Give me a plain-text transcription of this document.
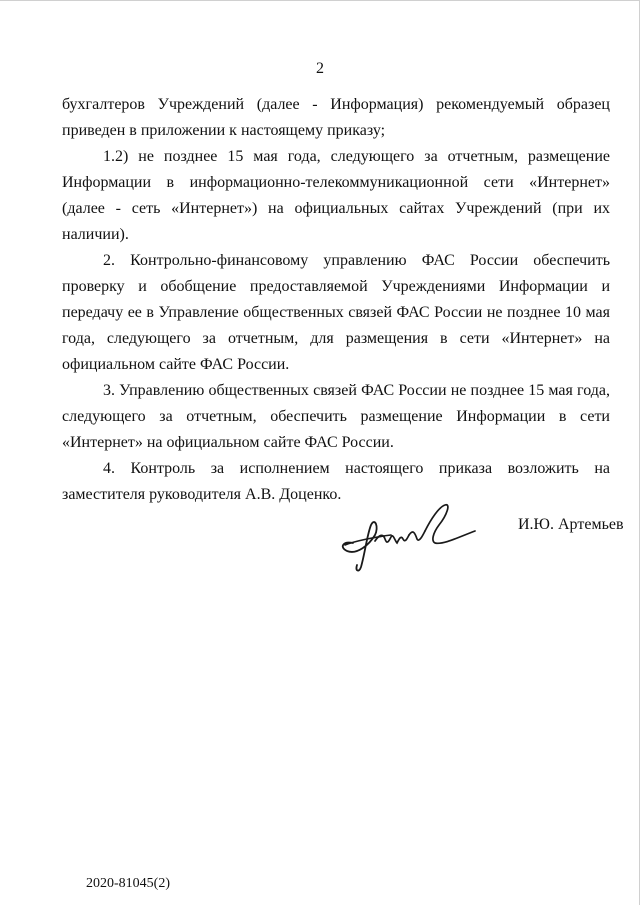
2

бухгалтеров Учреждений (далее - Информация) рекомендуемый образец приведен в приложении к настоящему приказу;

1.2) не позднее 15 мая года, следующего за отчетным, размещение Информации в информационно-телекоммуникационной сети «Интернет» (далее - сеть «Интернет») на официальных сайтах Учреждений (при их наличии).

2. Контрольно-финансовому управлению ФАС России обеспечить проверку и обобщение предоставляемой Учреждениями Информации и передачу ее в Управление общественных связей ФАС России не позднее 10 мая года, следующего за отчетным, для размещения в сети «Интернет» на официальном сайте ФАС России.

3. Управлению общественных связей ФАС России не позднее 15 мая года, следующего за отчетным, обеспечить размещение Информации в сети «Интернет» на официальном сайте ФАС России.

4. Контроль за исполнением настоящего приказа возложить на заместителя руководителя А.В. Доценко.

И.Ю. Артемьев
2020-81045(2)
